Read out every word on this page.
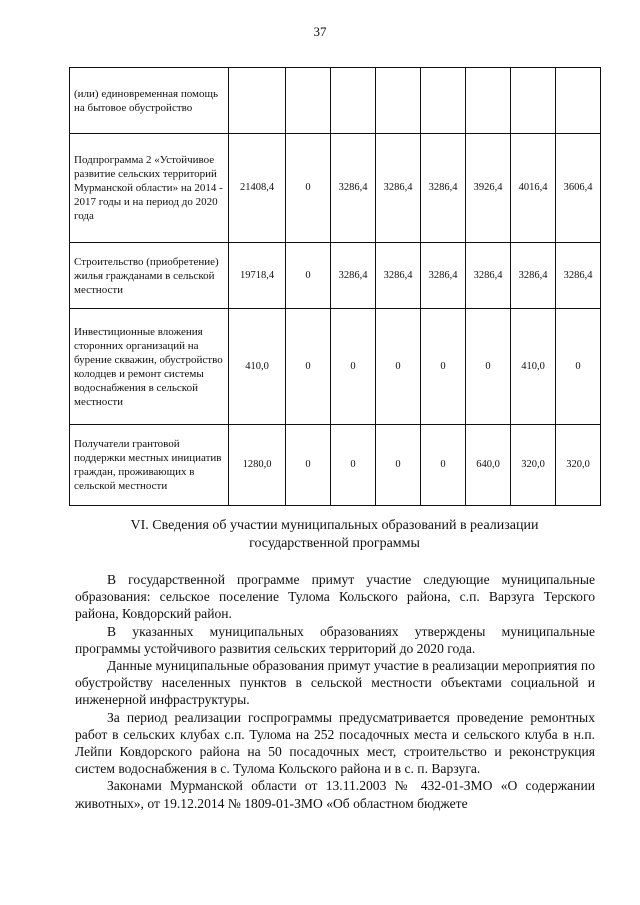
37
(или) единовременная помощь на бытовое обустройство								
Подпрограмма 2 «Устойчивое развитие сельских территорий Мурманской области» на 2014 - 2017 годы и на период до 2020 года	21408,4	0	3286,4	3286,4	3286,4	3926,4	4016,4	3606,4
Строительство (приобретение) жилья гражданами в сельской местности	19718,4	0	3286,4	3286,4	3286,4	3286,4	3286,4	3286,4
Инвестиционные вложения сторонних организаций на бурение скважин, обустройство колодцев и ремонт системы водоснабжения в сельской местности	410,0	0	0	0	0	0	410,0	0
Получатели грантовой поддержки местных инициатив граждан, проживающих в сельской местности	1280,0	0	0	0	0	640,0	320,0	320,0
VI. Сведения об участии муниципальных образований в реализации
государственной программы

В государственной программе примут участие следующие муниципальные образования: сельское поселение Тулома Кольского района, с.п. Варзуга Терского района, Ковдорский район.

В указанных муниципальных образованиях утверждены муниципальные программы устойчивого развития сельских территорий до 2020 года.

Данные муниципальные образования примут участие в реализации мероприятия по обустройству населенных пунктов в сельской местности объектами социальной и инженерной инфраструктуры.

За период реализации госпрограммы предусматривается проведение ремонтных работ в сельских клубах с.п. Тулома на 252 посадочных места и сельского клуба в н.п. Лейпи Ковдорского района на 50 посадочных мест, строительство и реконструкция систем водоснабжения в с. Тулома Кольского района и в с. п. Варзуга.

Законами Мурманской области от 13.11.2003 № 432-01-ЗМО «О содержании животных», от 19.12.2014 № 1809-01-ЗМО «Об областном бюджете
